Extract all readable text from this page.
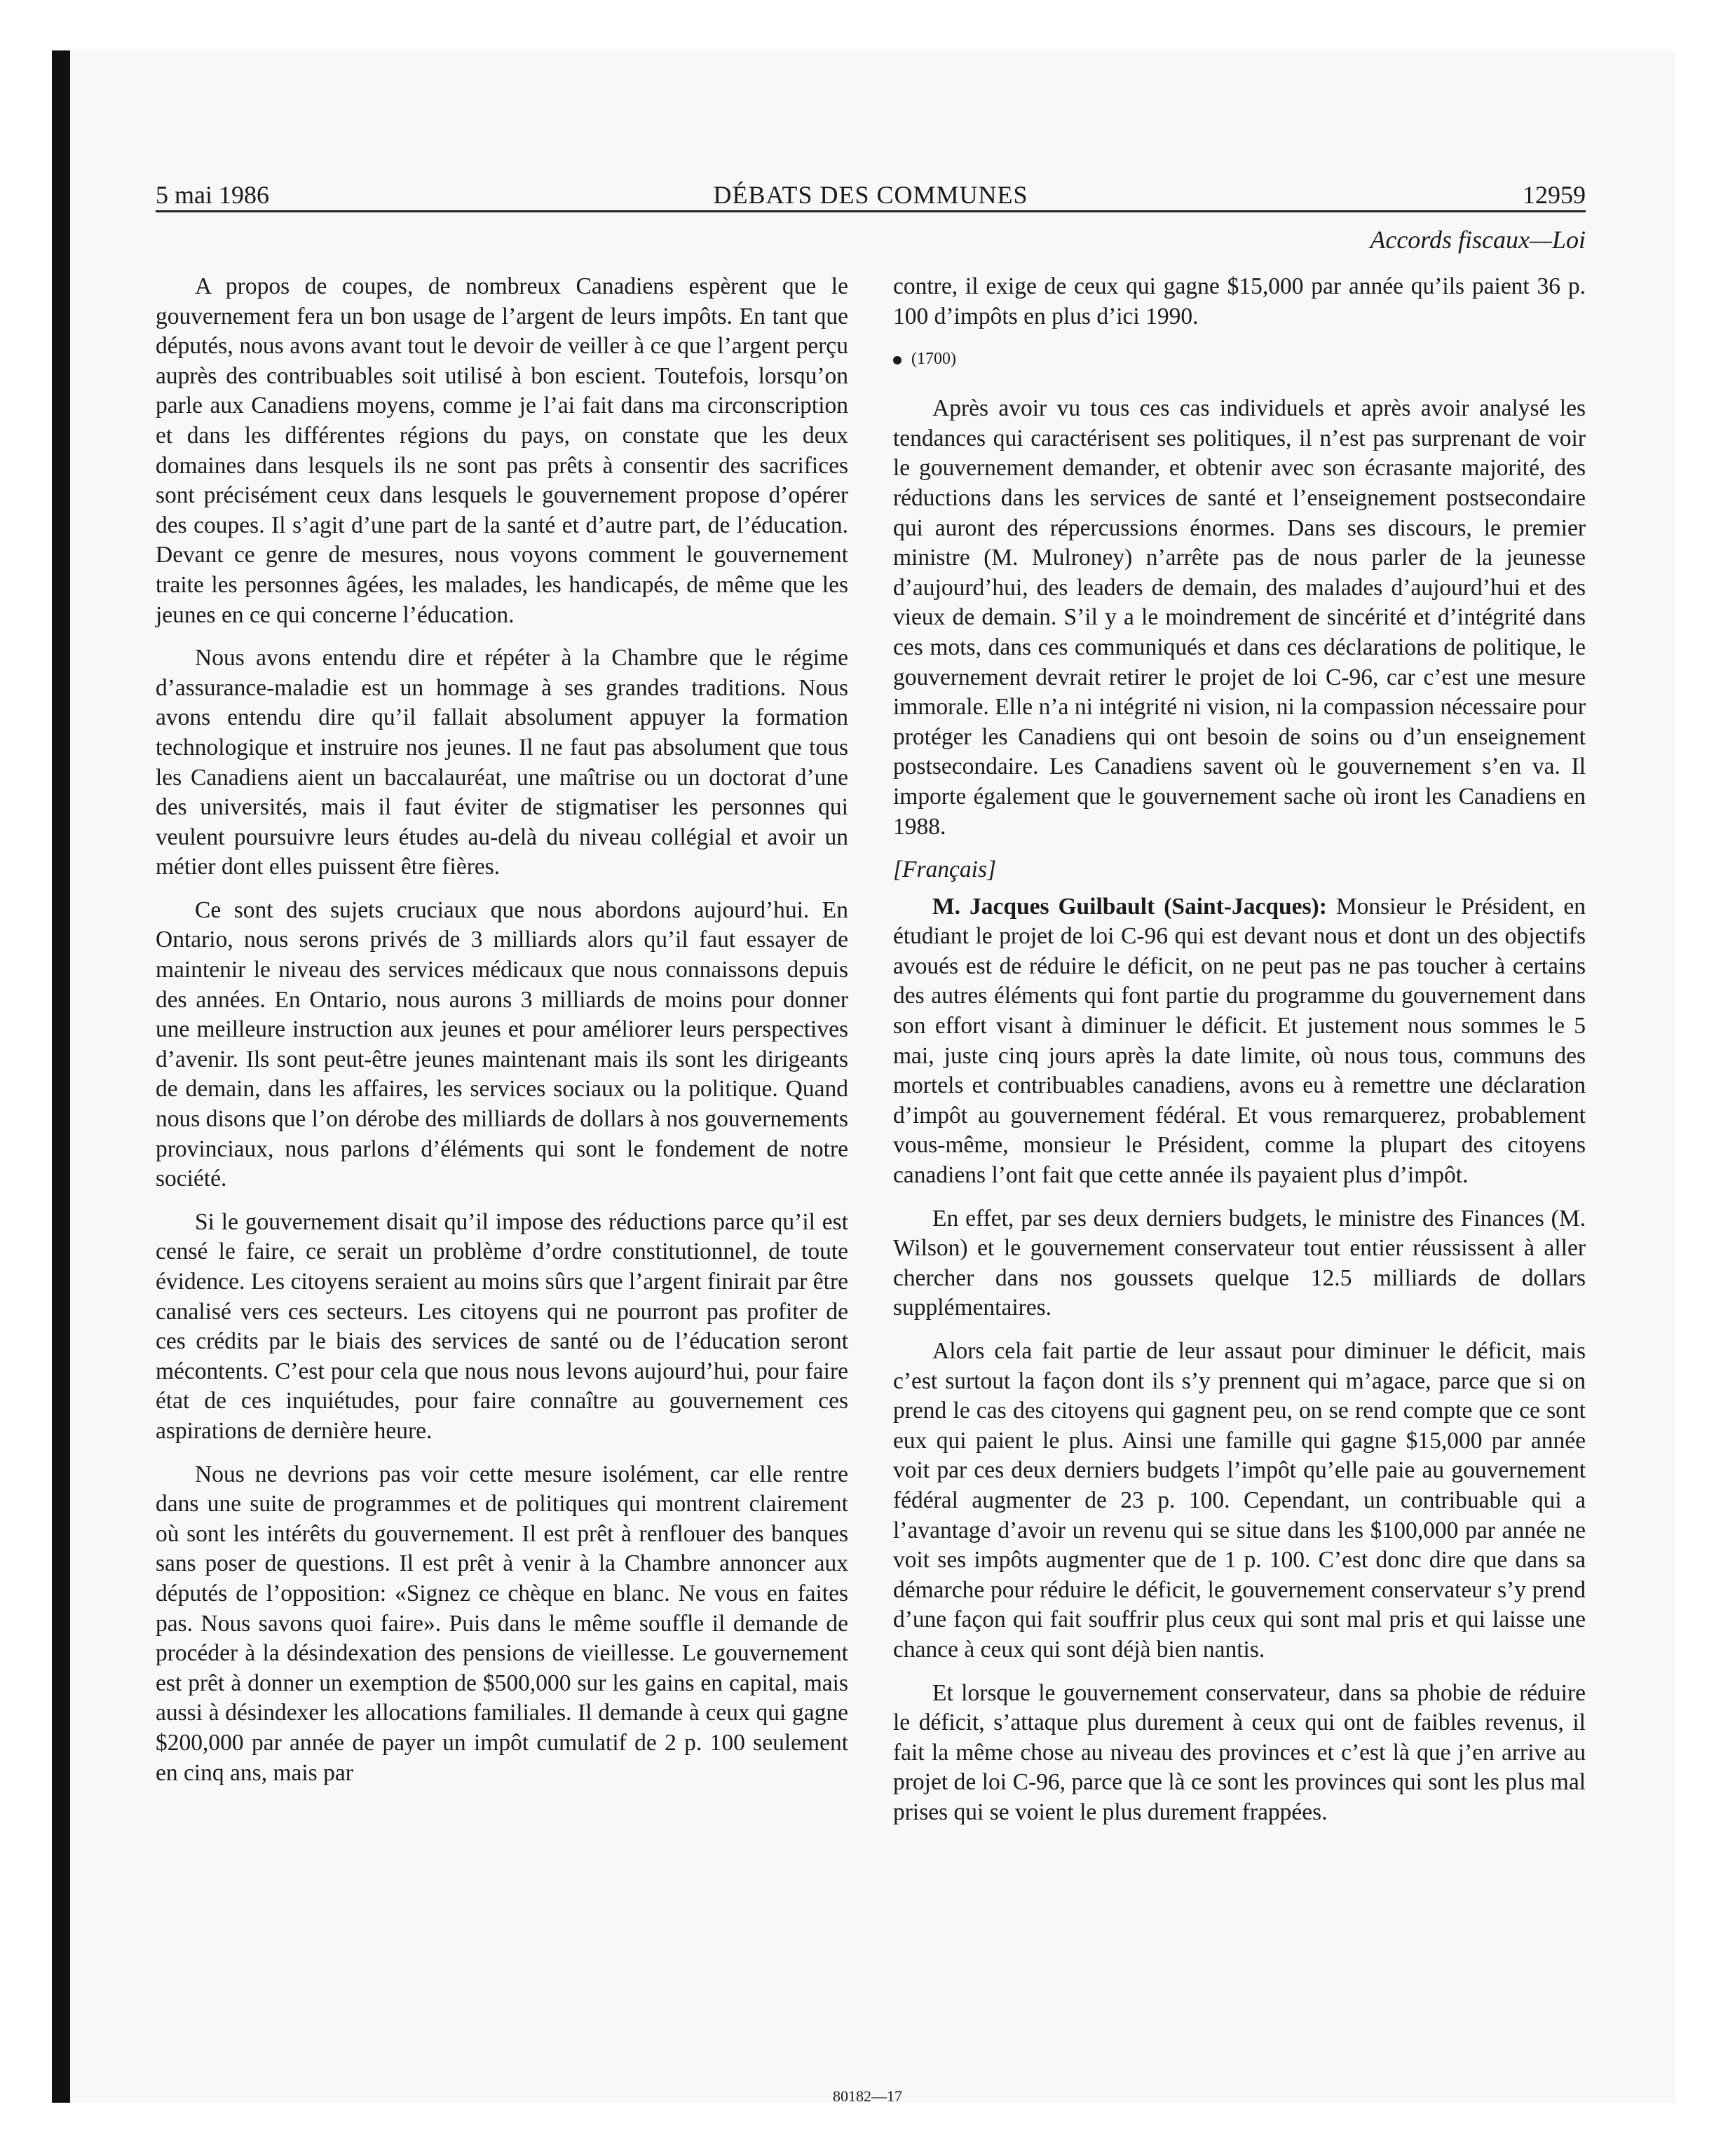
5 mai 1986	DÉBATS DES COMMUNES	12959
Accords fiscaux—Loi

A propos de coupes, de nombreux Canadiens espèrent que le gouvernement fera un bon usage de l’argent de leurs impôts. En tant que députés, nous avons avant tout le devoir de veiller à ce que l’argent perçu auprès des contribuables soit utilisé à bon escient. Toutefois, lorsqu’on parle aux Canadiens moyens, comme je l’ai fait dans ma circonscription et dans les différentes régions du pays, on constate que les deux domaines dans lesquels ils ne sont pas prêts à consentir des sacrifices sont précisément ceux dans lesquels le gouvernement propose d’opérer des coupes. Il s’agit d’une part de la santé et d’autre part, de l’éducation. Devant ce genre de mesures, nous voyons comment le gouvernement traite les personnes âgées, les malades, les handicapés, de même que les jeunes en ce qui concerne l’éducation.

Nous avons entendu dire et répéter à la Chambre que le régime d’assurance-maladie est un hommage à ses grandes traditions. Nous avons entendu dire qu’il fallait absolument appuyer la formation technologique et instruire nos jeunes. Il ne faut pas absolument que tous les Canadiens aient un baccalauréat, une maîtrise ou un doctorat d’une des universités, mais il faut éviter de stigmatiser les personnes qui veulent poursuivre leurs études au-delà du niveau collégial et avoir un métier dont elles puissent être fières.

Ce sont des sujets cruciaux que nous abordons aujourd’hui. En Ontario, nous serons privés de 3 milliards alors qu’il faut essayer de maintenir le niveau des services médicaux que nous connaissons depuis des années. En Ontario, nous aurons 3 milliards de moins pour donner une meilleure instruction aux jeunes et pour améliorer leurs perspectives d’avenir. Ils sont peut-être jeunes maintenant mais ils sont les dirigeants de demain, dans les affaires, les services sociaux ou la politique. Quand nous disons que l’on dérobe des milliards de dollars à nos gouvernements provinciaux, nous parlons d’éléments qui sont le fondement de notre société.

Si le gouvernement disait qu’il impose des réductions parce qu’il est censé le faire, ce serait un problème d’ordre constitutionnel, de toute évidence. Les citoyens seraient au moins sûrs que l’argent finirait par être canalisé vers ces secteurs. Les citoyens qui ne pourront pas profiter de ces crédits par le biais des services de santé ou de l’éducation seront mécontents. C’est pour cela que nous nous levons aujourd’hui, pour faire état de ces inquiétudes, pour faire connaître au gouvernement ces aspirations de dernière heure.

Nous ne devrions pas voir cette mesure isolément, car elle rentre dans une suite de programmes et de politiques qui montrent clairement où sont les intérêts du gouvernement. Il est prêt à renflouer des banques sans poser de questions. Il est prêt à venir à la Chambre annoncer aux députés de l’opposition: «Signez ce chèque en blanc. Ne vous en faites pas. Nous savons quoi faire». Puis dans le même souffle il demande de procéder à la désindexation des pensions de vieillesse. Le gouvernement est prêt à donner un exemption de $500,000 sur les gains en capital, mais aussi à désindexer les allocations familiales. Il demande à ceux qui gagne $200,000 par année de payer un impôt cumulatif de 2 p. 100 seulement en cinq ans, mais par

contre, il exige de ceux qui gagne $15,000 par année qu’ils paient 36 p. 100 d’impôts en plus d’ici 1990.

(1700)

Après avoir vu tous ces cas individuels et après avoir analysé les tendances qui caractérisent ses politiques, il n’est pas surprenant de voir le gouvernement demander, et obtenir avec son écrasante majorité, des réductions dans les services de santé et l’enseignement postsecondaire qui auront des répercussions énormes. Dans ses discours, le premier ministre (M. Mulroney) n’arrête pas de nous parler de la jeunesse d’aujourd’hui, des leaders de demain, des malades d’aujourd’hui et des vieux de demain. S’il y a le moindrement de sincérité et d’intégrité dans ces mots, dans ces communiqués et dans ces déclarations de politique, le gouvernement devrait retirer le projet de loi C-96, car c’est une mesure immorale. Elle n’a ni intégrité ni vision, ni la compassion nécessaire pour protéger les Canadiens qui ont besoin de soins ou d’un enseignement postsecondaire. Les Canadiens savent où le gouvernement s’en va. Il importe également que le gouvernement sache où iront les Canadiens en 1988.

[Français]

M. Jacques Guilbault (Saint-Jacques): Monsieur le Président, en étudiant le projet de loi C-96 qui est devant nous et dont un des objectifs avoués est de réduire le déficit, on ne peut pas ne pas toucher à certains des autres éléments qui font partie du programme du gouvernement dans son effort visant à diminuer le déficit. Et justement nous sommes le 5 mai, juste cinq jours après la date limite, où nous tous, communs des mortels et contribuables canadiens, avons eu à remettre une déclaration d’impôt au gouvernement fédéral. Et vous remarquerez, probablement vous-même, monsieur le Président, comme la plupart des citoyens canadiens l’ont fait que cette année ils payaient plus d’impôt.

En effet, par ses deux derniers budgets, le ministre des Finances (M. Wilson) et le gouvernement conservateur tout entier réussissent à aller chercher dans nos goussets quelque 12.5 milliards de dollars supplémentaires.

Alors cela fait partie de leur assaut pour diminuer le déficit, mais c’est surtout la façon dont ils s’y prennent qui m’agace, parce que si on prend le cas des citoyens qui gagnent peu, on se rend compte que ce sont eux qui paient le plus. Ainsi une famille qui gagne $15,000 par année voit par ces deux derniers budgets l’impôt qu’elle paie au gouvernement fédéral augmenter de 23 p. 100. Cependant, un contribuable qui a l’avantage d’avoir un revenu qui se situe dans les $100,000 par année ne voit ses impôts augmenter que de 1 p. 100. C’est donc dire que dans sa démarche pour réduire le déficit, le gouvernement conservateur s’y prend d’une façon qui fait souffrir plus ceux qui sont mal pris et qui laisse une chance à ceux qui sont déjà bien nantis.

Et lorsque le gouvernement conservateur, dans sa phobie de réduire le déficit, s’attaque plus durement à ceux qui ont de faibles revenus, il fait la même chose au niveau des provinces et c’est là que j’en arrive au projet de loi C-96, parce que là ce sont les provinces qui sont les plus mal prises qui se voient le plus durement frappées.

80182—17
